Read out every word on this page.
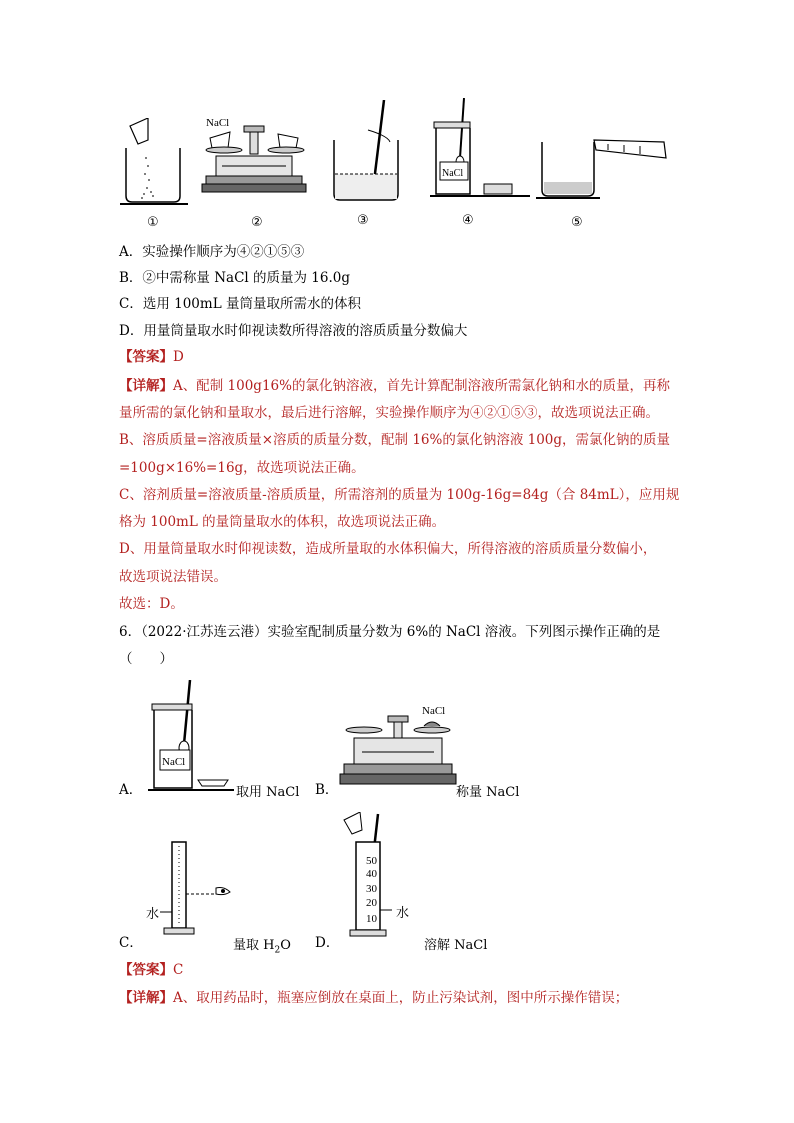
①
NaCl
②	③
NaCl
④	⑤
A．实验操作顺序为④②①⑤③
B．②中需称量 NaCl 的质量为 16.0g
C．选用 100mL 量筒量取所需水的体积
D．用量筒量取水时仰视读数所得溶液的溶质质量分数偏大
【答案】D
【详解】A、配制 100g16%的氯化钠溶液，首先计算配制溶液所需氯化钠和水的质量，再称
量所需的氯化钠和量取水，最后进行溶解，实验操作顺序为④②①⑤③，故选项说法正确。
B、溶质质量=溶液质量×溶质的质量分数，配制 16%的氯化钠溶液 100g，需氯化钠的质量
=100g×16%=16g，故选项说法正确。
C、溶剂质量=溶液质量-溶质质量，所需溶剂的质量为 100g-16g=84g（合 84mL），应用规
格为 100mL 的量筒量取水的体积，故选项说法正确。
D、用量筒量取水时仰视读数，造成所量取的水体积偏大，所得溶液的溶质质量分数偏小，
故选项说法错误。
故选：D。
6．（2022·江苏连云港）实验室配制质量分数为 6%的 NaCl 溶液。下列图示操作正确的是
（　　）
NaCl
A．	取用 NaCl
NaCl
B．	称量 NaCl
水
C．	量取 $H_2O$
50
40
30
20
10 水
D．	溶解 NaCl
【答案】C
【详解】A、取用药品时，瓶塞应倒放在桌面上，防止污染试剂，图中所示操作错误；
